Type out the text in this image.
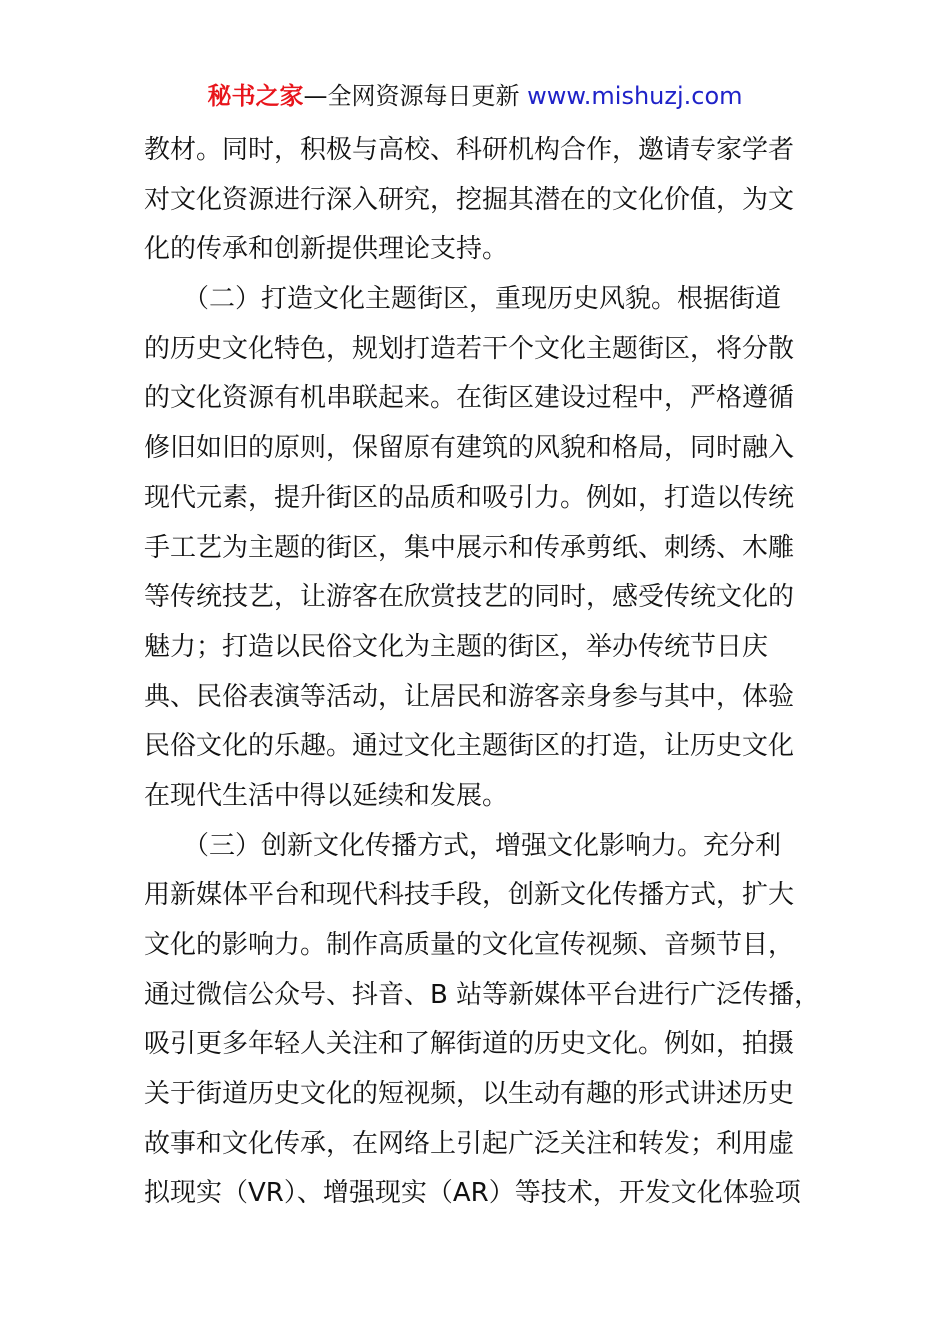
秘书之家—全网资源每日更新 www.mishuzj.com
教材。同时，积极与高校、科研机构合作，邀请专家学者
对文化资源进行深入研究，挖掘其潜在的文化价值，为文
化的传承和创新提供理论支持。
　　（二）打造文化主题街区，重现历史风貌。根据街道
的历史文化特色，规划打造若干个文化主题街区，将分散
的文化资源有机串联起来。在街区建设过程中，严格遵循
修旧如旧的原则，保留原有建筑的风貌和格局，同时融入
现代元素，提升街区的品质和吸引力。例如，打造以传统
手工艺为主题的街区，集中展示和传承剪纸、刺绣、木雕
等传统技艺，让游客在欣赏技艺的同时，感受传统文化的
魅力；打造以民俗文化为主题的街区，举办传统节日庆
典、民俗表演等活动，让居民和游客亲身参与其中，体验
民俗文化的乐趣。通过文化主题街区的打造，让历史文化
在现代生活中得以延续和发展。
　　（三）创新文化传播方式，增强文化影响力。充分利
用新媒体平台和现代科技手段，创新文化传播方式，扩大
文化的影响力。制作高质量的文化宣传视频、音频节目，
通过微信公众号、抖音、B 站等新媒体平台进行广泛传播，
吸引更多年轻人关注和了解街道的历史文化。例如，拍摄
关于街道历史文化的短视频，以生动有趣的形式讲述历史
故事和文化传承，在网络上引起广泛关注和转发；利用虚
拟现实（VR）、增强现实（AR）等技术，开发文化体验项
